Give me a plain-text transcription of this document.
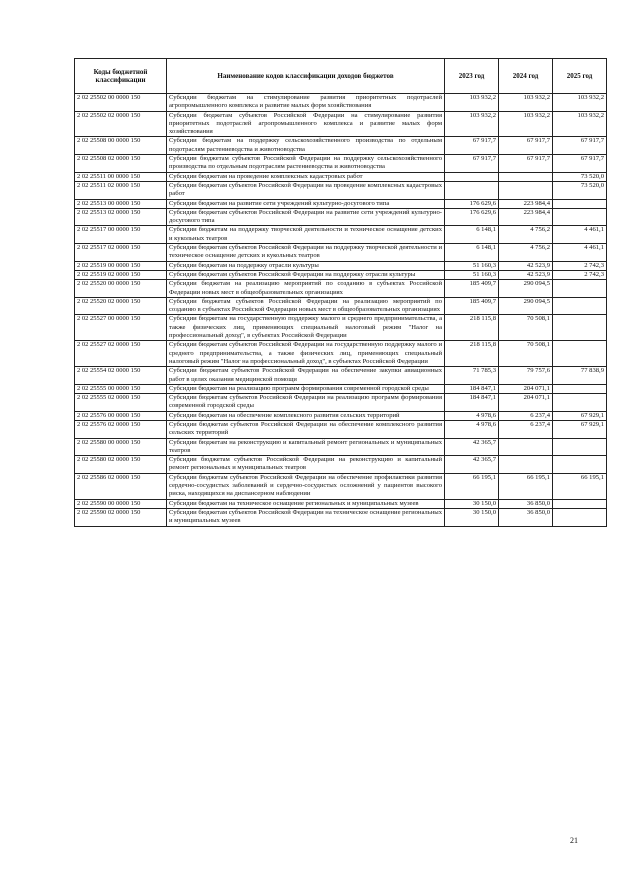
Коды бюджетной классификации	Наименование кодов классификации доходов бюджетов	2023 год	2024 год	2025 год
2 02 25502 00 0000 150	Субсидии бюджетам на стимулирование развития приоритетных подотраслей агропромышленного комплекса и развитие малых форм хозяйствования	103 932,2	103 932,2	103 932,2
2 02 25502 02 0000 150	Субсидии бюджетам субъектов Российской Федерации на стимулирование развития приоритетных подотраслей агропромышленного комплекса и развитие малых форм хозяйствования	103 932,2	103 932,2	103 932,2
2 02 25508 00 0000 150	Субсидии бюджетам на поддержку сельскохозяйственного производства по отдельным подотраслям растениеводства и животноводства	67 917,7	67 917,7	67 917,7
2 02 25508 02 0000 150	Субсидии бюджетам субъектов Российской Федерации на поддержку сельскохозяйственного производства по отдельным подотраслям растениеводства и животноводства	67 917,7	67 917,7	67 917,7
2 02 25511 00 0000 150	Субсидии бюджетам на проведение комплексных кадастровых работ			73 520,0
2 02 25511 02 0000 150	Субсидии бюджетам субъектов Российской Федерации на проведение комплексных кадастровых работ			73 520,0
2 02 25513 00 0000 150	Субсидии бюджетам на развитие сети учреждений культурно-досугового типа	176 629,6	223 984,4	
2 02 25513 02 0000 150	Субсидии бюджетам субъектов Российской Федерации на развитие сети учреждений культурно-досугового типа	176 629,6	223 984,4	
2 02 25517 00 0000 150	Субсидии бюджетам на поддержку творческой деятельности и техническое оснащение детских и кукольных театров	6 148,1	4 756,2	4 461,1
2 02 25517 02 0000 150	Субсидии бюджетам субъектов Российской Федерации на поддержку творческой деятельности и техническое оснащение детских и кукольных театров	6 148,1	4 756,2	4 461,1
2 02 25519 00 0000 150	Субсидии бюджетам на поддержку отрасли культуры	51 160,3	42 523,9	2 742,3
2 02 25519 02 0000 150	Субсидии бюджетам субъектов Российской Федерации на поддержку отрасли культуры	51 160,3	42 523,9	2 742,3
2 02 25520 00 0000 150	Субсидии бюджетам на реализацию мероприятий по созданию в субъектах Российской Федерации новых мест в общеобразовательных организациях	185 409,7	290 094,5	
2 02 25520 02 0000 150	Субсидии бюджетам субъектов Российской Федерации на реализацию мероприятий по созданию в субъектах Российской Федерации новых мест в общеобразовательных организациях	185 409,7	290 094,5	
2 02 25527 00 0000 150	Субсидии бюджетам на государственную поддержку малого и среднего предпринимательства, а также физических лиц, применяющих специальный налоговый режим "Налог на профессиональный доход", в субъектах Российской Федерации	218 115,8	70 508,1	
2 02 25527 02 0000 150	Субсидии бюджетам субъектов Российской Федерации на государственную поддержку малого и среднего предпринимательства, а также физических лиц, применяющих специальный налоговый режим "Налог на профессиональный доход", в субъектах Российской Федерации	218 115,8	70 508,1	
2 02 25554 02 0000 150	Субсидии бюджетам субъектов Российской Федерации на обеспечение закупки авиационных работ в целях оказания медицинской помощи	71 785,3	79 757,6	77 838,9
2 02 25555 00 0000 150	Субсидии бюджетам на реализацию программ формирования современной городской среды	184 847,1	204 071,1	
2 02 25555 02 0000 150	Субсидии бюджетам субъектов Российской Федерации на реализацию программ формирования современной городской среды	184 847,1	204 071,1	
2 02 25576 00 0000 150	Субсидии бюджетам на обеспечение комплексного развития сельских территорий	4 978,6	6 237,4	67 929,1
2 02 25576 02 0000 150	Субсидии бюджетам субъектов Российской Федерации на обеспечение комплексного развития сельских территорий	4 978,6	6 237,4	67 929,1
2 02 25580 00 0000 150	Субсидии бюджетам на реконструкцию и капитальный ремонт региональных и муниципальных театров	42 365,7		
2 02 25580 02 0000 150	Субсидии бюджетам субъектов Российской Федерации на реконструкцию и капитальный ремонт региональных и муниципальных театров	42 365,7		
2 02 25586 02 0000 150	Субсидии бюджетам субъектов Российской Федерации на обеспечение профилактики развития сердечно-сосудистых заболеваний и сердечно-сосудистых осложнений у пациентов высокого риска, находящихся на диспансерном наблюдении	66 195,1	66 195,1	66 195,1
2 02 25590 00 0000 150	Субсидии бюджетам на техническое оснащение региональных и муниципальных музеев	30 150,0	36 850,0	
2 02 25590 02 0000 150	Субсидии бюджетам субъектов Российской Федерации на техническое оснащение региональных и муниципальных музеев	30 150,0	36 850,0	
21
